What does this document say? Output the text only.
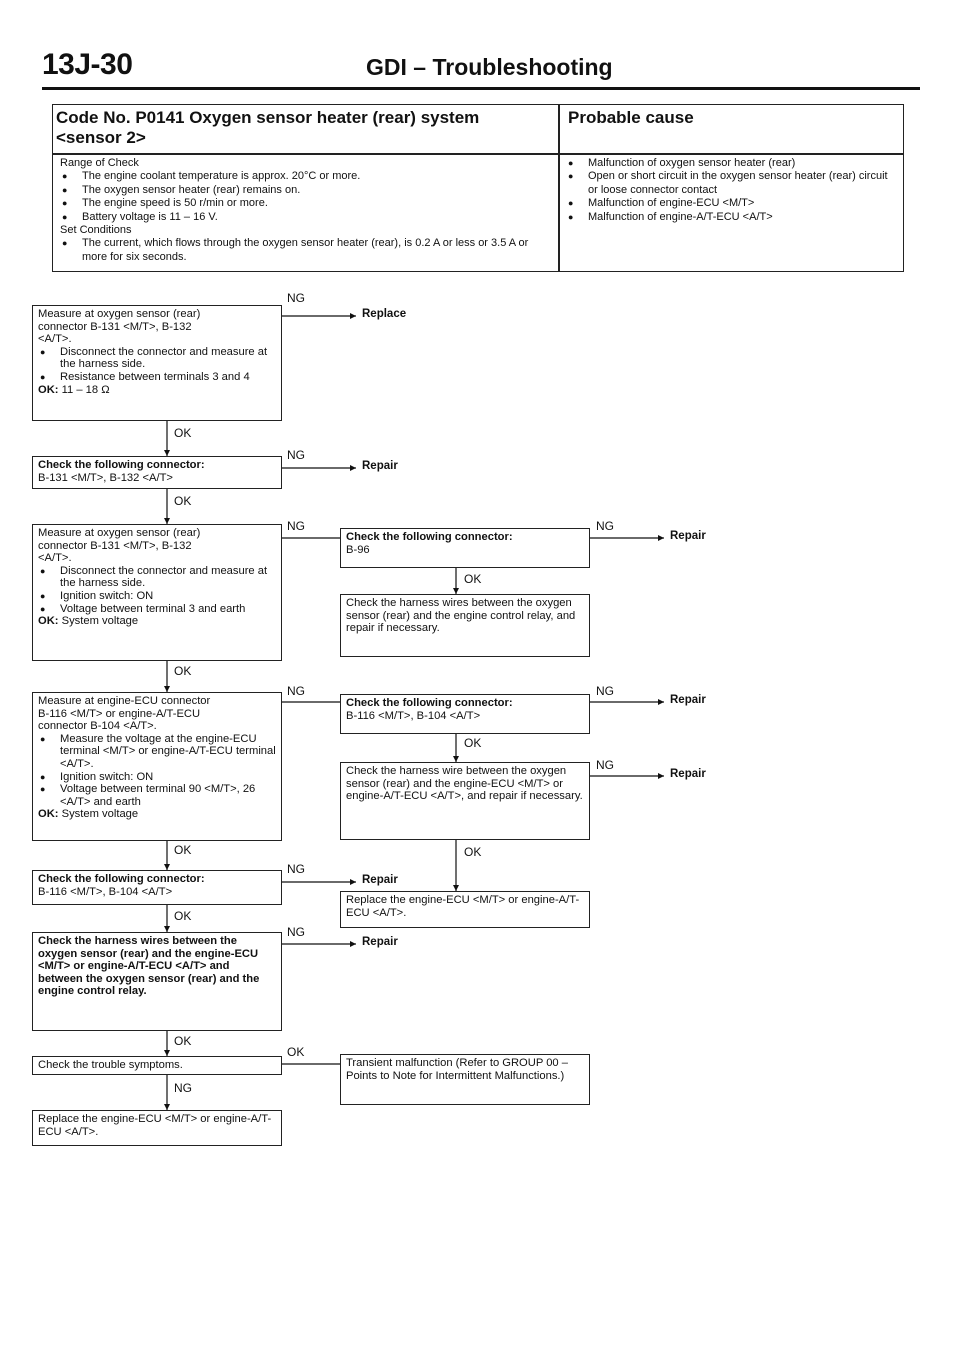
13J-30	GDI – Troubleshooting
Code No. P0141 Oxygen sensor heater (rear) system
<sensor 2>
Probable cause
Range of Check
● The engine coolant temperature is approx. 20°C or more.
● The oxygen sensor heater (rear) remains on.
● The engine speed is 50 r/min or more.
● Battery voltage is 11 – 16 V.
Set Conditions
● The current, which flows through the oxygen sensor heater (rear), is 0.2 A or less or 3.5 A or more for six seconds.
● Malfunction of oxygen sensor heater (rear)
● Open or short circuit in the oxygen sensor heater (rear) circuit or loose connector contact
● Malfunction of engine-ECU <M/T>
● Malfunction of engine-A/T-ECU <A/T>
Measure at oxygen sensor (rear)
connector B-131 <M/T>, B-132
<A/T>.
● Disconnect the connector and measure at the harness side.
● Resistance between terminals 3 and 4
OK: 11 – 18 Ω
Check the following connector:
B-131 <M/T>, B-132 <A/T>
Measure at oxygen sensor (rear)
connector B-131 <M/T>, B-132
<A/T>.
● Disconnect the connector and measure at the harness side.
● Ignition switch: ON
● Voltage between terminal 3 and earth
OK: System voltage
Measure at engine-ECU connector
B-116 <M/T> or engine-A/T-ECU
connector B-104 <A/T>.
● Measure the voltage at the engine-ECU terminal <M/T> or engine-A/T-ECU terminal <A/T>.
● Ignition switch: ON
● Voltage between terminal 90 <M/T>, 26 <A/T> and earth
OK: System voltage
Check the following connector:
B-116 <M/T>, B-104 <A/T>
Check the harness wires between the oxygen sensor (rear) and the engine-ECU <M/T> or engine-A/T-ECU <A/T> and between the oxygen sensor (rear) and the engine control relay.
Check the trouble symptoms.
Replace the engine-ECU <M/T> or engine-A/T-ECU <A/T>.
Check the following connector:
B-96
Check the harness wires between the oxygen sensor (rear) and the engine control relay, and repair if necessary.
Check the following connector:
B-116 <M/T>, B-104 <A/T>
Check the harness wire between the oxygen sensor (rear) and the engine-ECU <M/T> or engine-A/T-ECU <A/T>, and repair if necessary.
Replace the engine-ECU <M/T> or engine-A/T-ECU <A/T>.
Transient malfunction (Refer to GROUP 00 – Points to Note for Intermittent Malfunctions.)
NG
OK
NG
OK
NG
OK
NG
OK
NG
OK
NG
OK
OK
NG
NG
OK
NG
OK
NG
OK
Replace
Repair
Repair
Repair
Repair
Repair
Repair
